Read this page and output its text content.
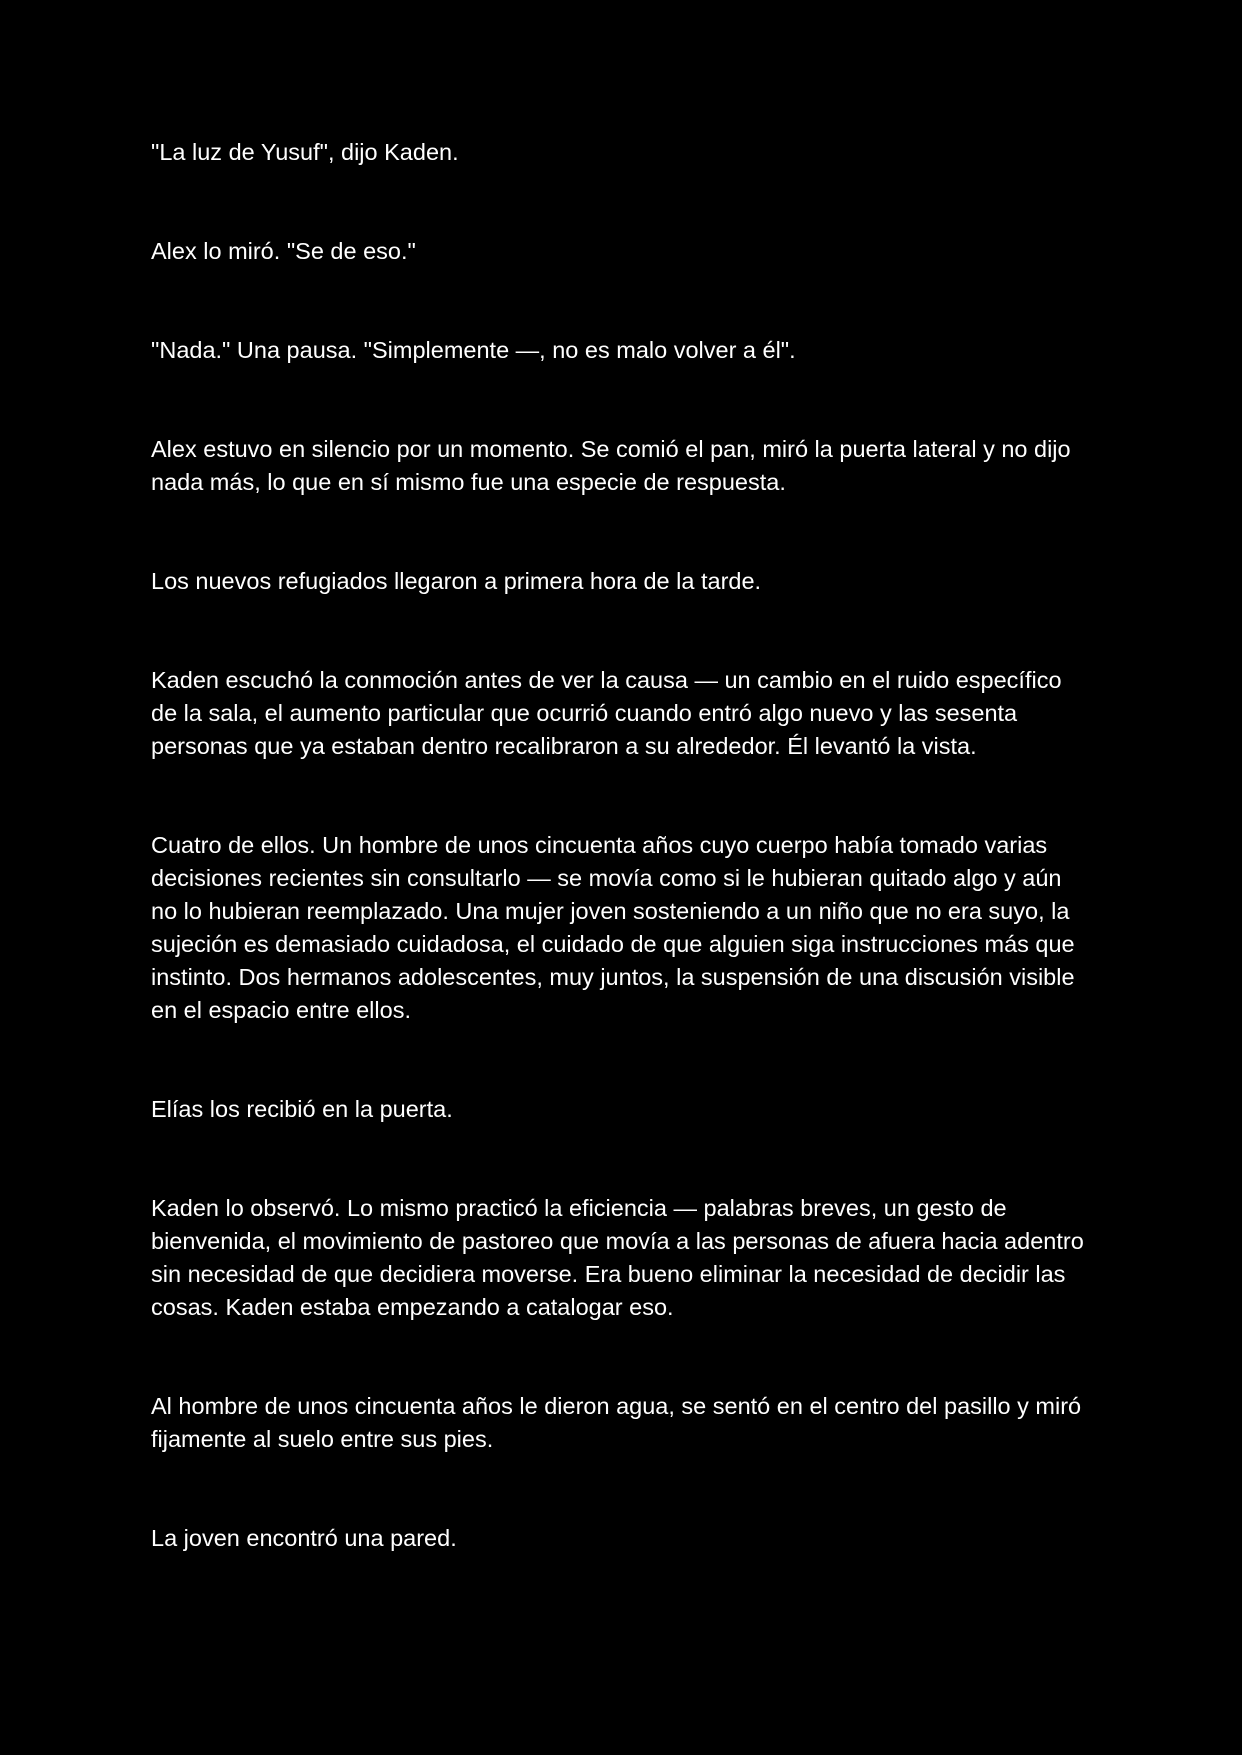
"La luz de Yusuf", dijo Kaden.

Alex lo miró. "Se de eso."

"Nada." Una pausa. "Simplemente —, no es malo volver a él".

Alex estuvo en silencio por un momento. Se comió el pan, miró la puerta lateral y no dijo nada más, lo que en sí mismo fue una especie de respuesta.

Los nuevos refugiados llegaron a primera hora de la tarde.

Kaden escuchó la conmoción antes de ver la causa — un cambio en el ruido específico de la sala, el aumento particular que ocurrió cuando entró algo nuevo y las sesenta personas que ya estaban dentro recalibraron a su alrededor. Él levantó la vista.

Cuatro de ellos. Un hombre de unos cincuenta años cuyo cuerpo había tomado varias decisiones recientes sin consultarlo — se movía como si le hubieran quitado algo y aún no lo hubieran reemplazado. Una mujer joven sosteniendo a un niño que no era suyo, la sujeción es demasiado cuidadosa, el cuidado de que alguien siga instrucciones más que instinto. Dos hermanos adolescentes, muy juntos, la suspensión de una discusión visible en el espacio entre ellos.

Elías los recibió en la puerta.

Kaden lo observó. Lo mismo practicó la eficiencia — palabras breves, un gesto de bienvenida, el movimiento de pastoreo que movía a las personas de afuera hacia adentro sin necesidad de que decidiera moverse. Era bueno eliminar la necesidad de decidir las cosas. Kaden estaba empezando a catalogar eso.

Al hombre de unos cincuenta años le dieron agua, se sentó en el centro del pasillo y miró fijamente al suelo entre sus pies.

La joven encontró una pared.
